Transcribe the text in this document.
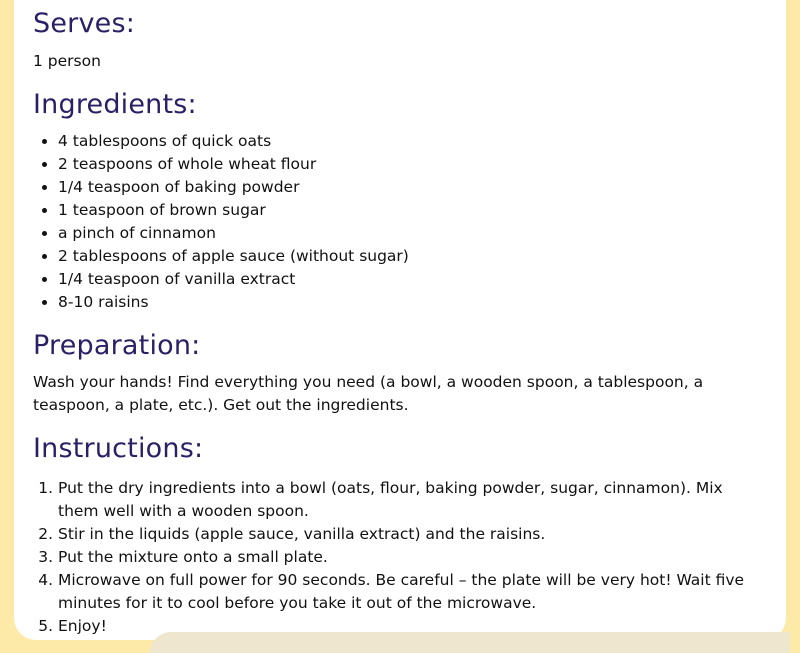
Serves:

1 person

Ingredients:
• 4 tablespoons of quick oats
• 2 teaspoons of whole wheat flour
• 1/4 teaspoon of baking powder
• 1 teaspoon of brown sugar
• a pinch of cinnamon
• 2 tablespoons of apple sauce (without sugar)
• 1/4 teaspoon of vanilla extract
• 8-10 raisins
Preparation:

Wash your hands! Find everything you need (a bowl, a wooden spoon, a tablespoon, a teaspoon, a plate, etc.). Get out the ingredients.

Instructions:
1. Put the dry ingredients into a bowl (oats, flour, baking powder, sugar, cinnamon). Mix them well with a wooden spoon.
2. Stir in the liquids (apple sauce, vanilla extract) and the raisins.
3. Put the mixture onto a small plate.
4. Microwave on full power for 90 seconds. Be careful – the plate will be very hot! Wait five minutes for it to cool before you take it out of the microwave.
5. Enjoy!
